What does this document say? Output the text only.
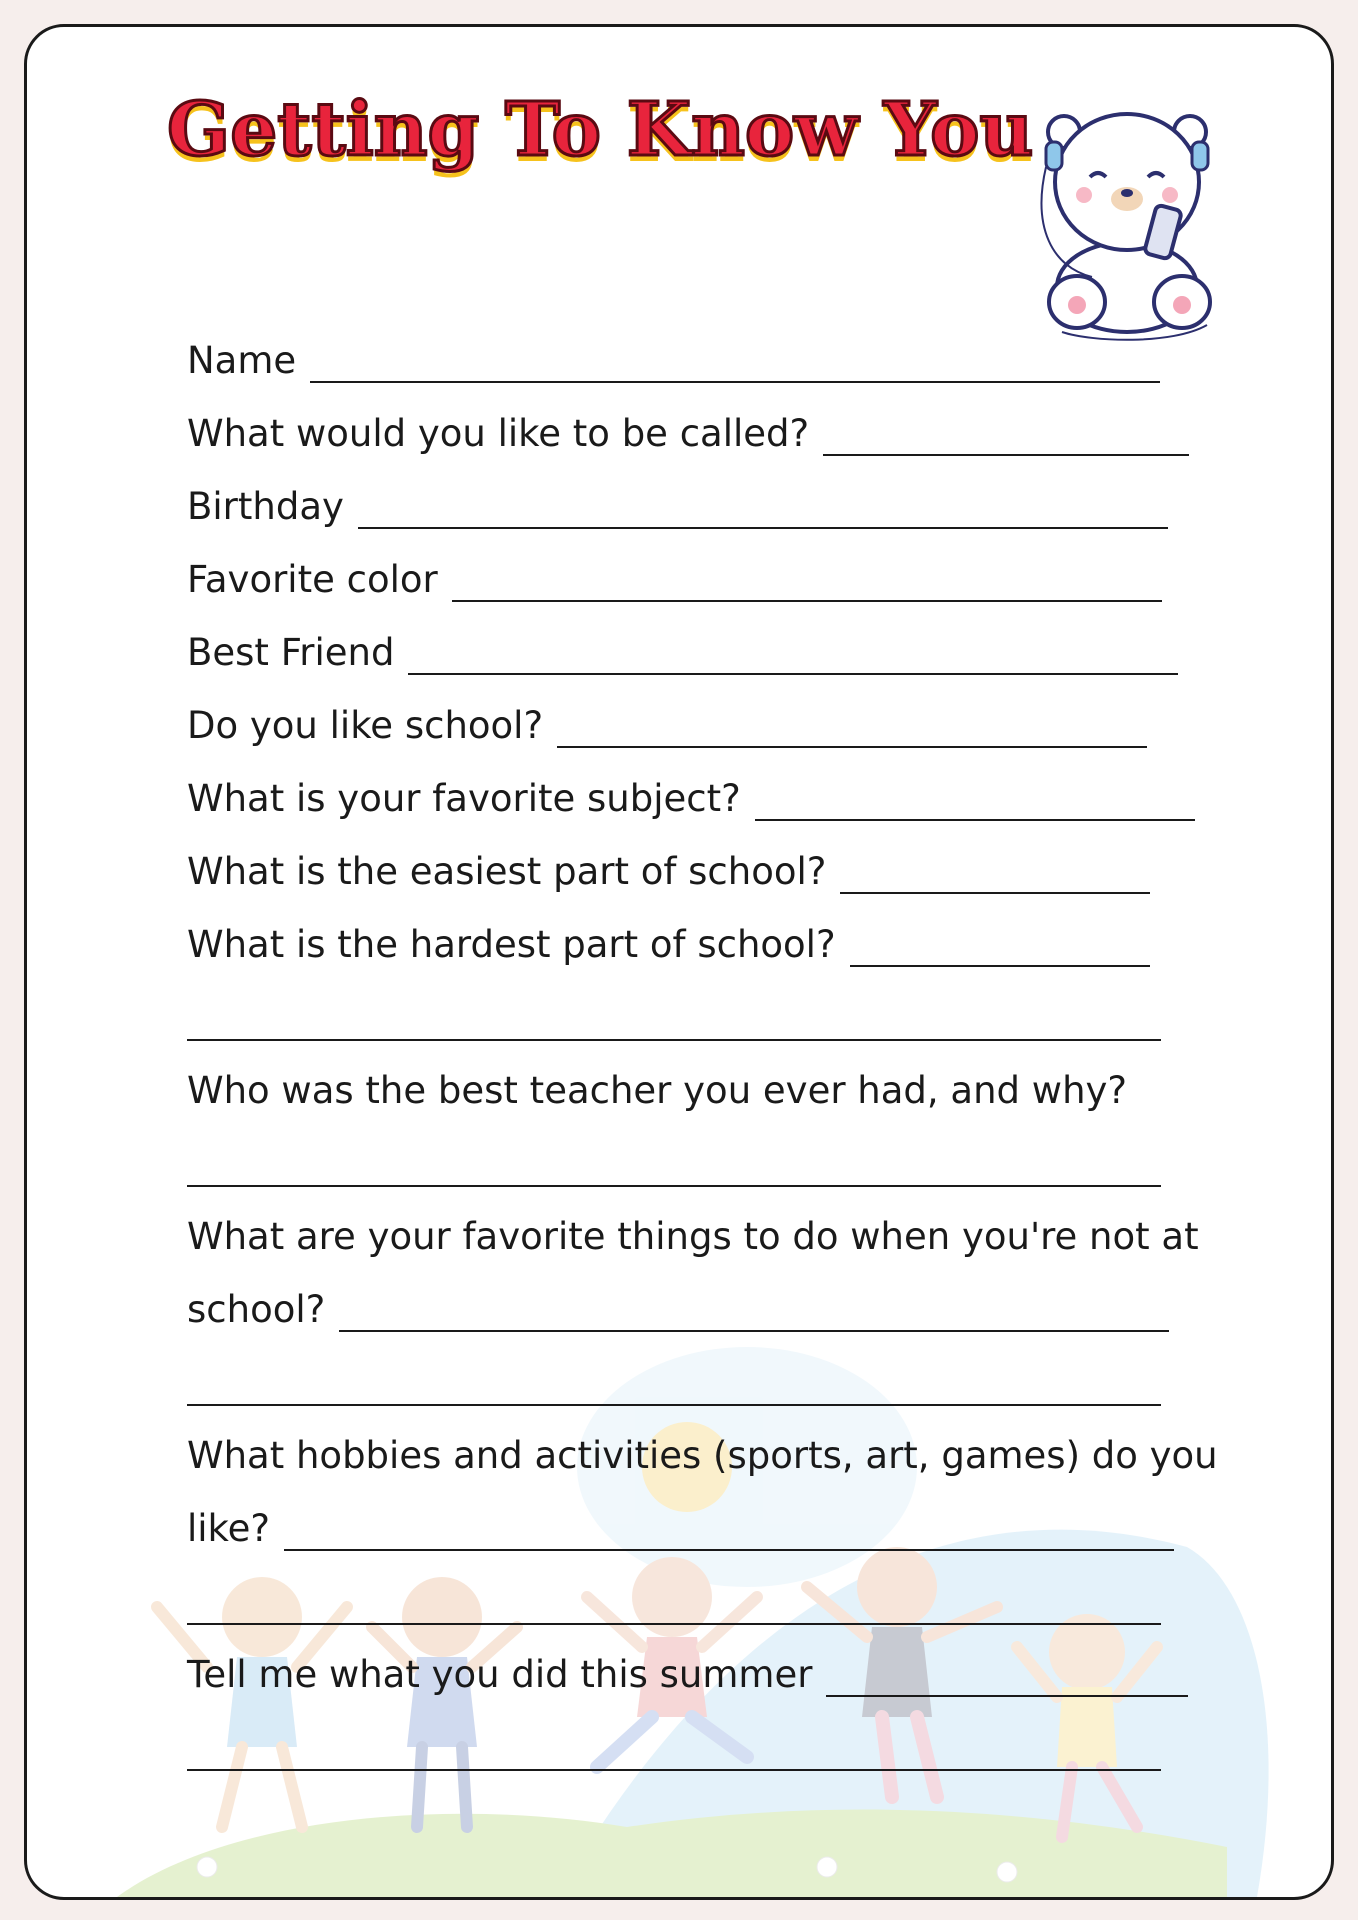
Getting To Know You
Name
What would you like to be called?
Birthday
Favorite color
Best Friend
Do you like school?
What is your favorite subject?
What is the easiest part of school?
What is the hardest part of school?
Who was the best teacher you ever had, and why?
What are your favorite things to do when you're not at
school?
What hobbies and activities (sports, art, games) do you
like?
Tell me what you did this summer
